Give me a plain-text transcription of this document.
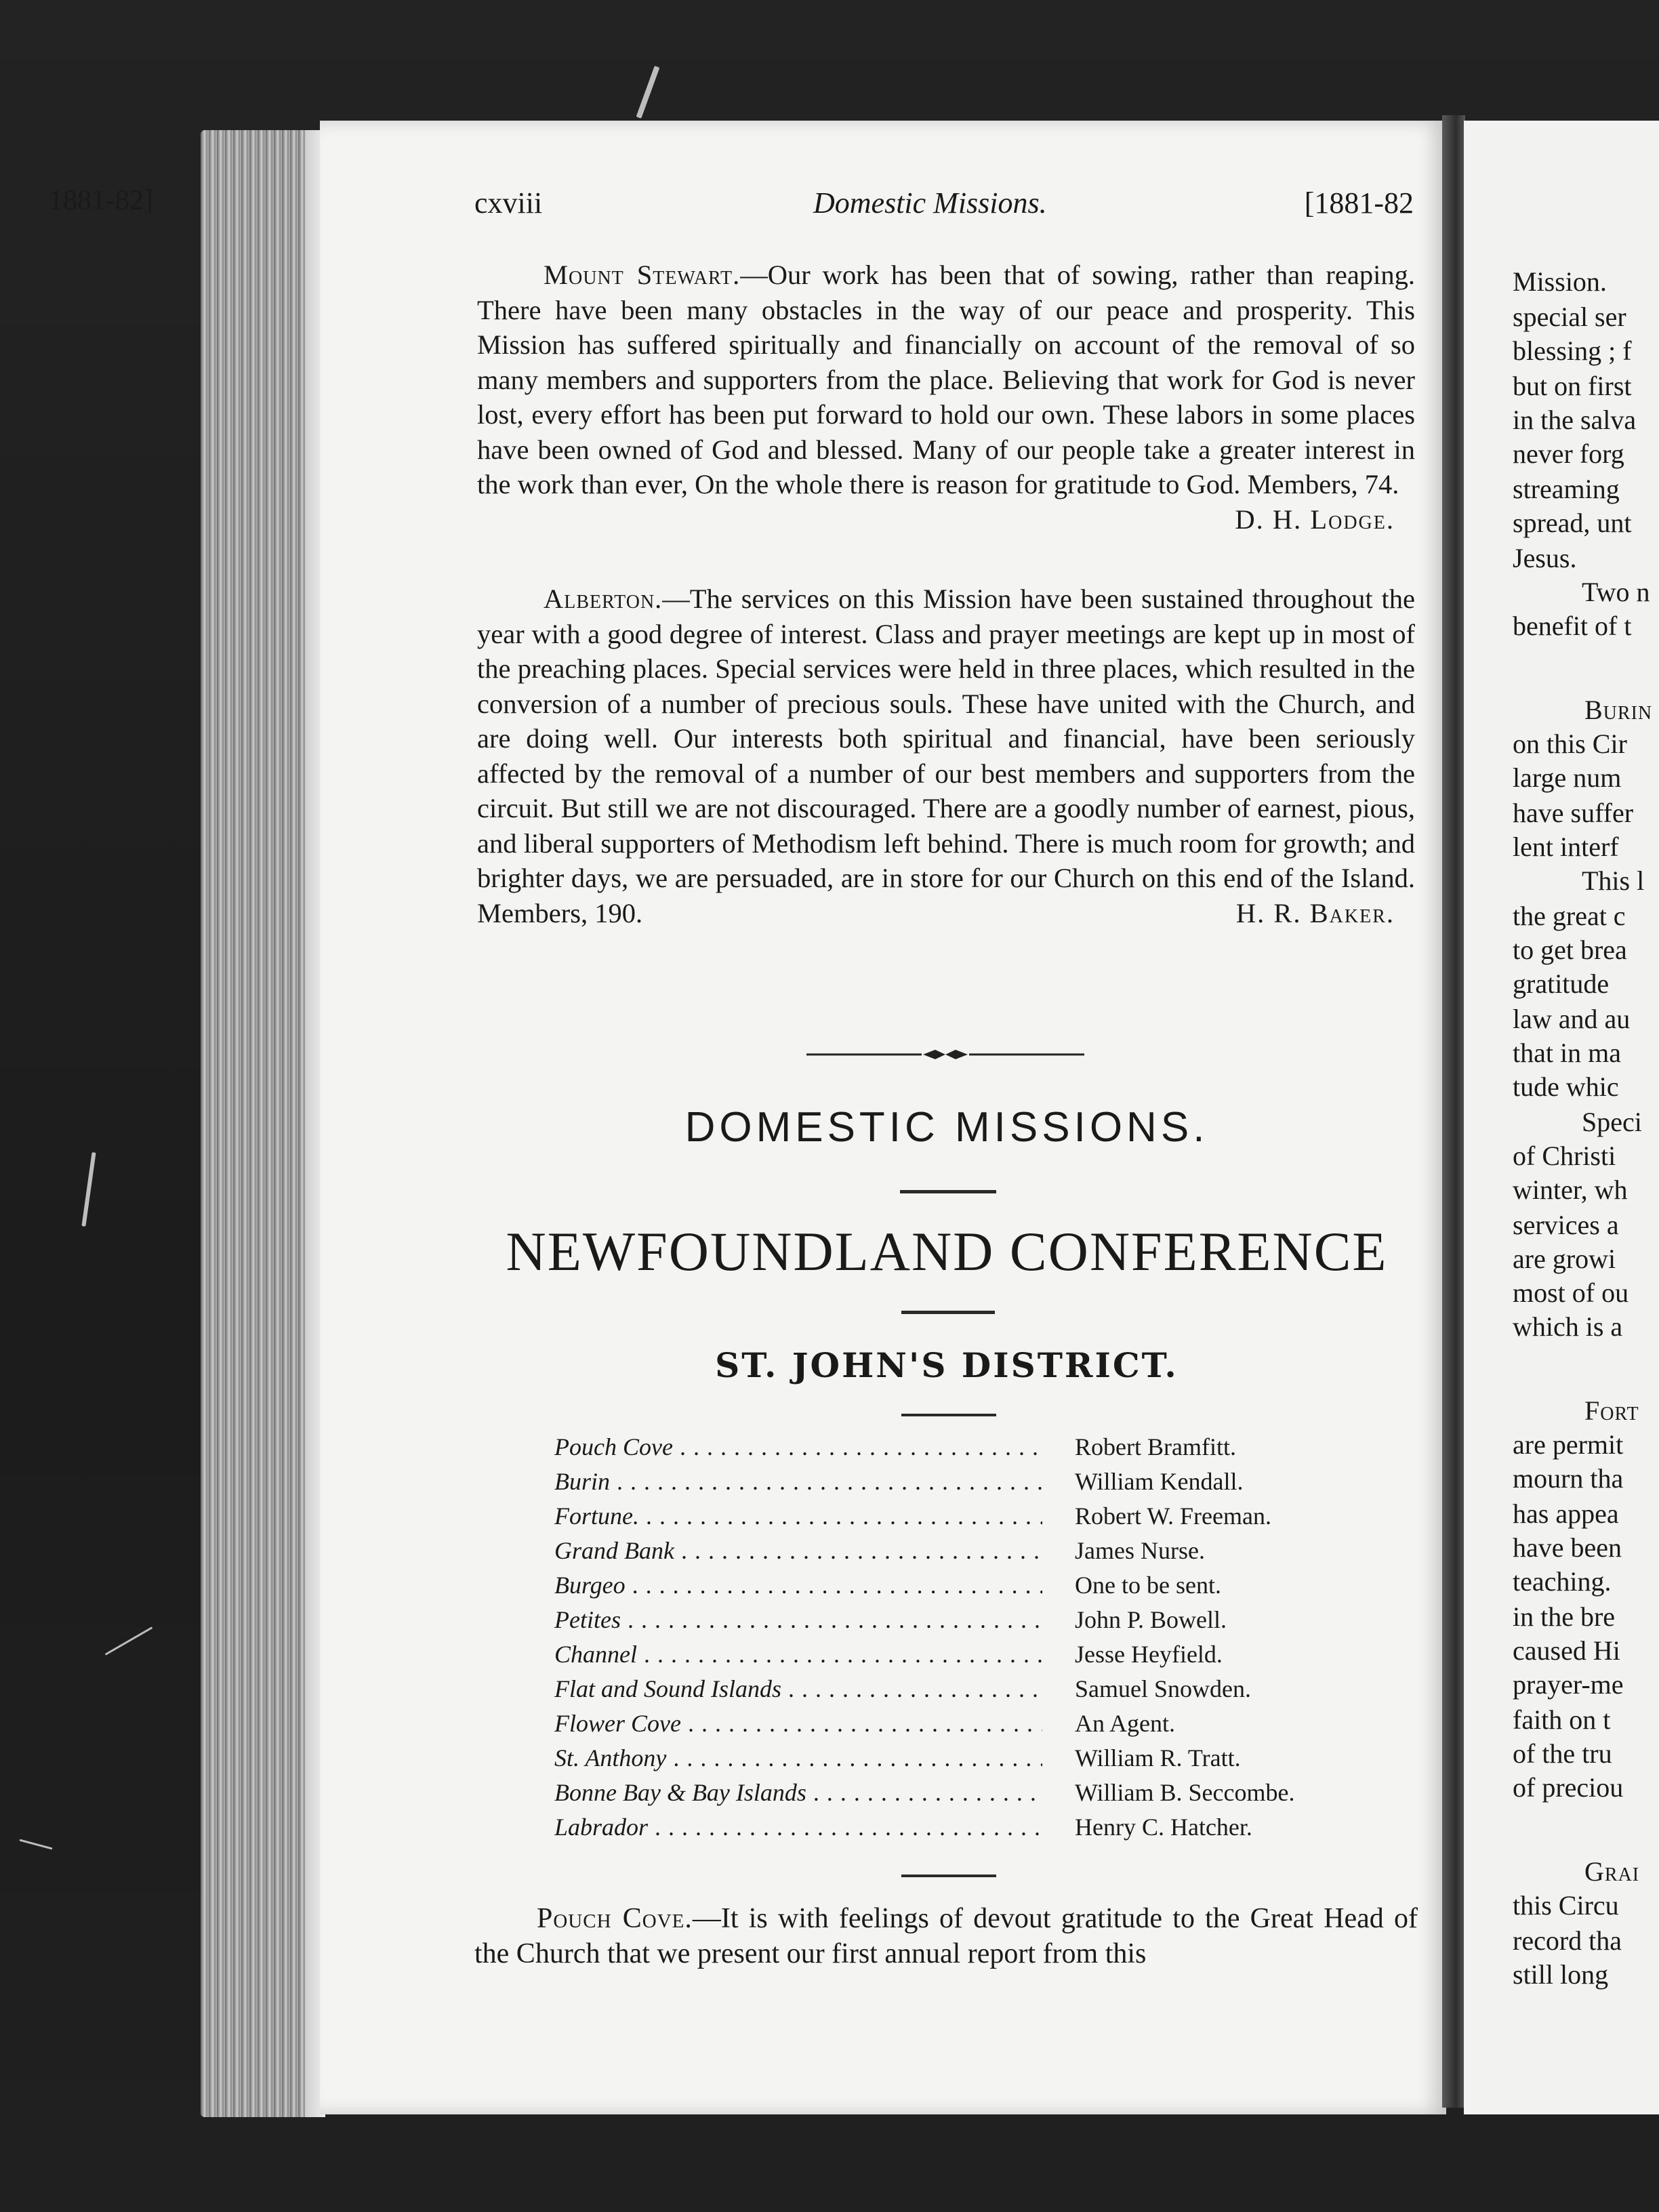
cxviii	Domestic Missions.	[1881-82
Mount Stewart.—Our work has been that of sowing, rather than reaping. There have been many obstacles in the way of our peace and prosperity. This Mission has suffered spiritually and financially on account of the removal of so many members and supporters from the place. Believing that work for God is never lost, every effort has been put forward to hold our own. These labors in some places have been owned of God and blessed. Many of our people take a greater interest in the work than ever, On the whole there is reason for gratitude to God. Members, 74.
D. H. Lodge.
Alberton.—The services on this Mission have been sustained throughout the year with a good degree of interest. Class and prayer meetings are kept up in most of the preaching places. Special services were held in three places, which resulted in the conversion of a number of precious souls. These have united with the Church, and are doing well. Our interests both spiritual and financial, have been seriously affected by the removal of a number of our best members and supporters from the circuit. But still we are not discouraged. There are a goodly number of earnest, pious, and liberal supporters of Methodism left behind. There is much room for growth; and brighter days, we are persuaded, are in store for our Church on this end of the Island. Members, 190.	H. R. Baker.
DOMESTIC MISSIONS.
NEWFOUNDLAND CONFERENCE
ST. JOHN'S DISTRICT.
Pouch Cove . . .	Robert Bramfitt.
Burin . . .	William Kendall.
Fortune. . . .	Robert W. Freeman.
Grand Bank . . .	James Nurse.
Burgeo . . .	One to be sent.
Petites . . .	John P. Bowell.
Channel . . .	Jesse Heyfield.
Flat and Sound Islands . . .	Samuel Snowden.
Flower Cove . . .	An Agent.
St. Anthony . . .	William R. Tratt.
Bonne Bay & Bay Islands . . .	William B. Seccombe.
Labrador . . .	Henry C. Hatcher.
Pouch Cove.—It is with feelings of devout gratitude to the Great Head of the Church that we present our first annual report from this
1881-82]
Mission.
special ser
blessing ; f
but on first
in the salva
never forg
streaming
spread, unt
Jesus.
Two n
benefit of t
Burin
on this Cir
large num
have suffer
lent interf
This l
the great c
to get brea
gratitude
law and au
that in ma
tude whic
Speci
of Christi
winter, wh
services a
are growi
most of ou
which is a
Fort
are permit
mourn tha
has appea
have been
teaching.
in the bre
caused Hi
prayer-me
faith on t
of the tru
of preciou
Grai
this Circu
record tha
still long
